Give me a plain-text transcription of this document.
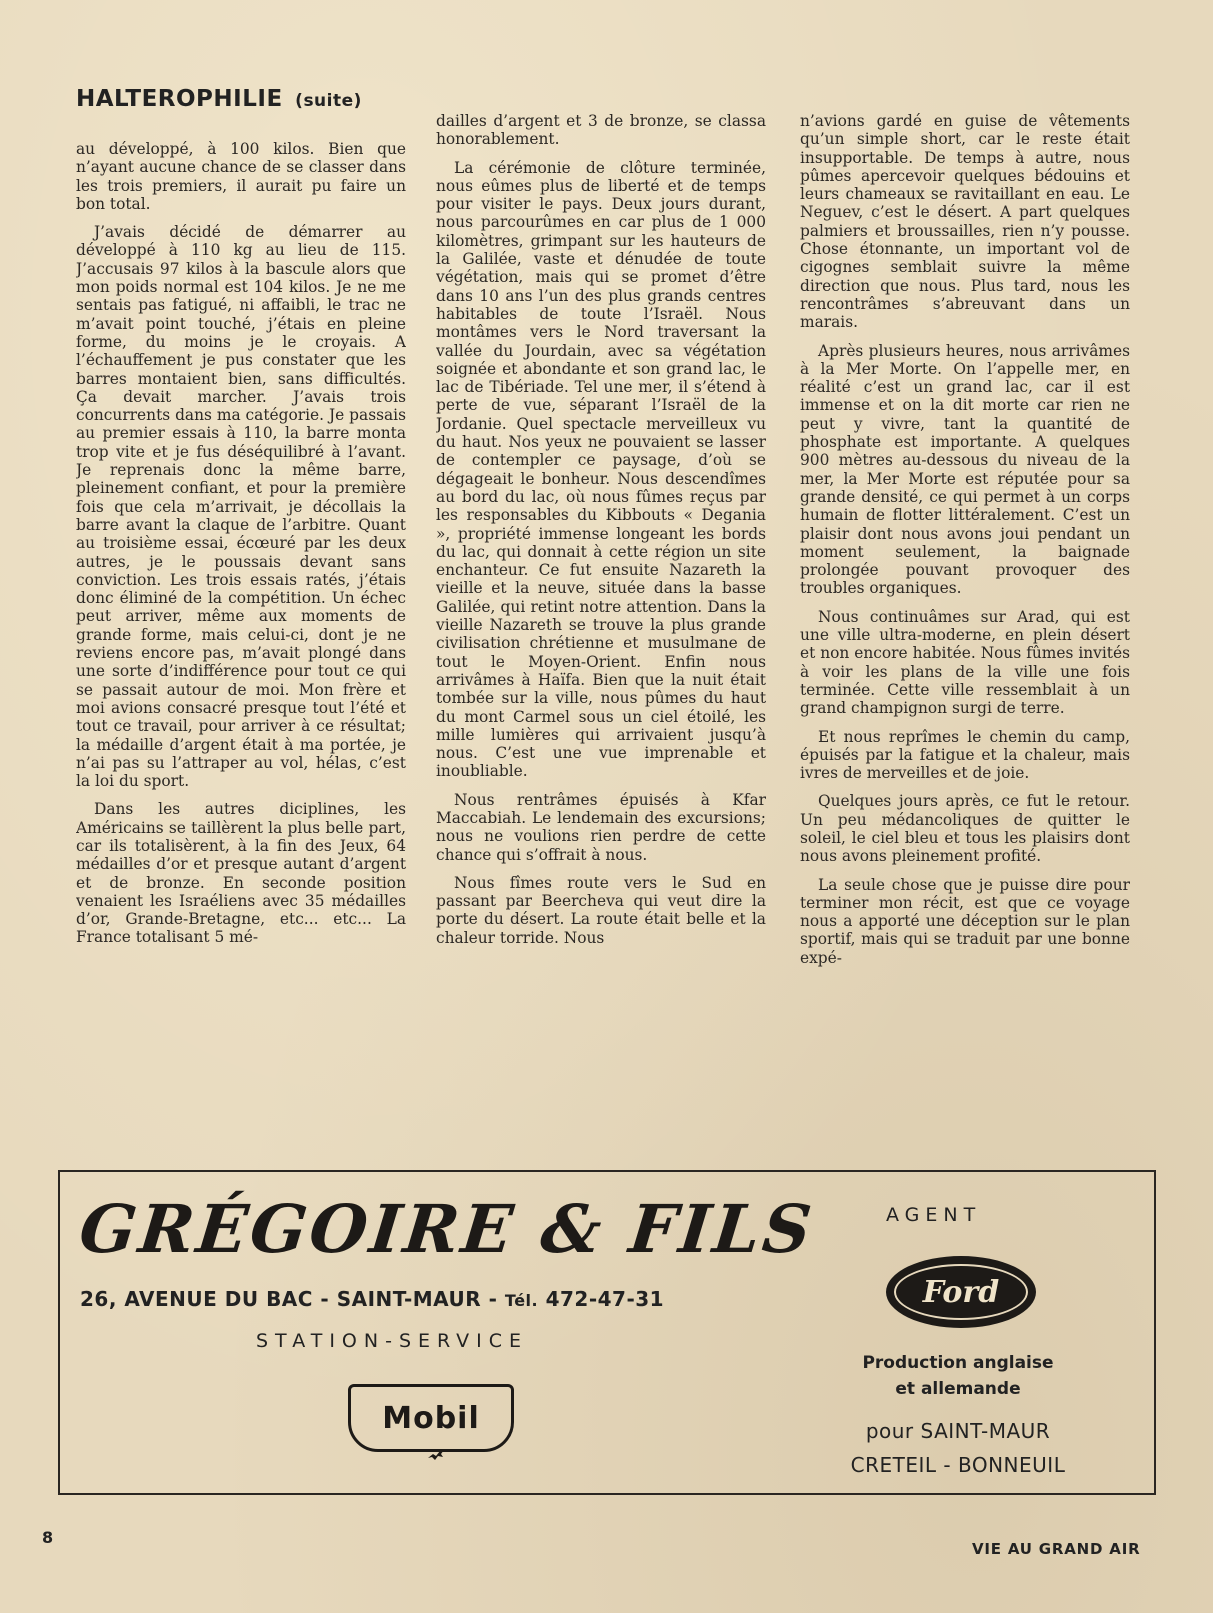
HALTEROPHILIE (suite)

au développé, à 100 kilos. Bien que n’ayant aucune chance de se classer dans les trois premiers, il aurait pu faire un bon total.

J’avais décidé de démarrer au développé à 110 kg au lieu de 115. J’accusais 97 kilos à la bascule alors que mon poids normal est 104 kilos. Je ne me sentais pas fatigué, ni affaibli, le trac ne m’avait point touché, j’étais en pleine forme, du moins je le croyais. A l’échauffement je pus constater que les barres montaient bien, sans difficultés. Ça devait marcher. J’avais trois concurrents dans ma catégorie. Je passais au premier essais à 110, la barre monta trop vite et je fus déséquilibré à l’avant. Je reprenais donc la même barre, pleinement confiant, et pour la première fois que cela m’arrivait, je décollais la barre avant la claque de l’arbitre. Quant au troisième essai, écœuré par les deux autres, je le poussais devant sans conviction. Les trois essais ratés, j’étais donc éliminé de la compétition. Un échec peut arriver, même aux moments de grande forme, mais celui-ci, dont je ne reviens encore pas, m’avait plongé dans une sorte d’indifférence pour tout ce qui se passait autour de moi. Mon frère et moi avions consacré presque tout l’été et tout ce travail, pour arriver à ce résultat; la médaille d’argent était à ma portée, je n’ai pas su l’attraper au vol, hélas, c’est la loi du sport.

Dans les autres diciplines, les Américains se taillèrent la plus belle part, car ils totalisèrent, à la fin des Jeux, 64 médailles d’or et presque autant d’argent et de bronze. En seconde position venaient les Israéliens avec 35 médailles d’or, Grande-Bretagne, etc... etc... La France totalisant 5 mé-

dailles d’argent et 3 de bronze, se classa honorablement.

La cérémonie de clôture terminée, nous eûmes plus de liberté et de temps pour visiter le pays. Deux jours durant, nous parcourûmes en car plus de 1 000 kilomètres, grimpant sur les hauteurs de la Galilée, vaste et dénudée de toute végétation, mais qui se promet d’être dans 10 ans l’un des plus grands centres habitables de toute l’Israël. Nous montâmes vers le Nord traversant la vallée du Jourdain, avec sa végétation soignée et abondante et son grand lac, le lac de Tibériade. Tel une mer, il s’étend à perte de vue, séparant l’Israël de la Jordanie. Quel spectacle merveilleux vu du haut. Nos yeux ne pouvaient se lasser de contempler ce paysage, d’où se dégageait le bonheur. Nous descendîmes au bord du lac, où nous fûmes reçus par les responsables du Kibbouts « Degania », propriété immense longeant les bords du lac, qui donnait à cette région un site enchanteur. Ce fut ensuite Nazareth la vieille et la neuve, située dans la basse Galilée, qui retint notre attention. Dans la vieille Nazareth se trouve la plus grande civilisation chrétienne et musulmane de tout le Moyen-Orient. Enfin nous arrivâmes à Haïfa. Bien que la nuit était tombée sur la ville, nous pûmes du haut du mont Carmel sous un ciel étoilé, les mille lumières qui arrivaient jusqu’à nous. C’est une vue imprenable et inoubliable.

Nous rentrâmes épuisés à Kfar Maccabiah. Le lendemain des excursions; nous ne voulions rien perdre de cette chance qui s’offrait à nous.

Nous fîmes route vers le Sud en passant par Beercheva qui veut dire la porte du désert. La route était belle et la chaleur torride. Nous

n’avions gardé en guise de vêtements qu’un simple short, car le reste était insupportable. De temps à autre, nous pûmes apercevoir quelques bédouins et leurs chameaux se ravitaillant en eau. Le Neguev, c’est le désert. A part quelques palmiers et broussailles, rien n’y pousse. Chose étonnante, un important vol de cigognes semblait suivre la même direction que nous. Plus tard, nous les rencontrâmes s’abreuvant dans un marais.

Après plusieurs heures, nous arrivâmes à la Mer Morte. On l’appelle mer, en réalité c’est un grand lac, car il est immense et on la dit morte car rien ne peut y vivre, tant la quantité de phosphate est importante. A quelques 900 mètres au-dessous du niveau de la mer, la Mer Morte est réputée pour sa grande densité, ce qui permet à un corps humain de flotter littéralement. C’est un plaisir dont nous avons joui pendant un moment seulement, la baignade prolongée pouvant provoquer des troubles organiques.

Nous continuâmes sur Arad, qui est une ville ultra-moderne, en plein désert et non encore habitée. Nous fûmes invités à voir les plans de la ville une fois terminée. Cette ville ressemblait à un grand champignon surgi de terre.

Et nous reprîmes le chemin du camp, épuisés par la fatigue et la chaleur, mais ivres de merveilles et de joie.

Quelques jours après, ce fut le retour. Un peu médancoliques de quitter le soleil, le ciel bleu et tous les plaisirs dont nous avons pleinement profité.

La seule chose que je puisse dire pour terminer mon récit, est que ce voyage nous a apporté une déception sur le plan sportif, mais qui se traduit par une bonne expé-

GRÉGOIRE & FILS
26, AVENUE DU BAC - SAINT-MAUR - Tél. 472-47-31
STATION-SERVICE
Mobil
AGENT
Ford
Production anglaise
et allemande
pour SAINT-MAUR
CRETEIL - BONNEUIL
8
VIE AU GRAND AIR
